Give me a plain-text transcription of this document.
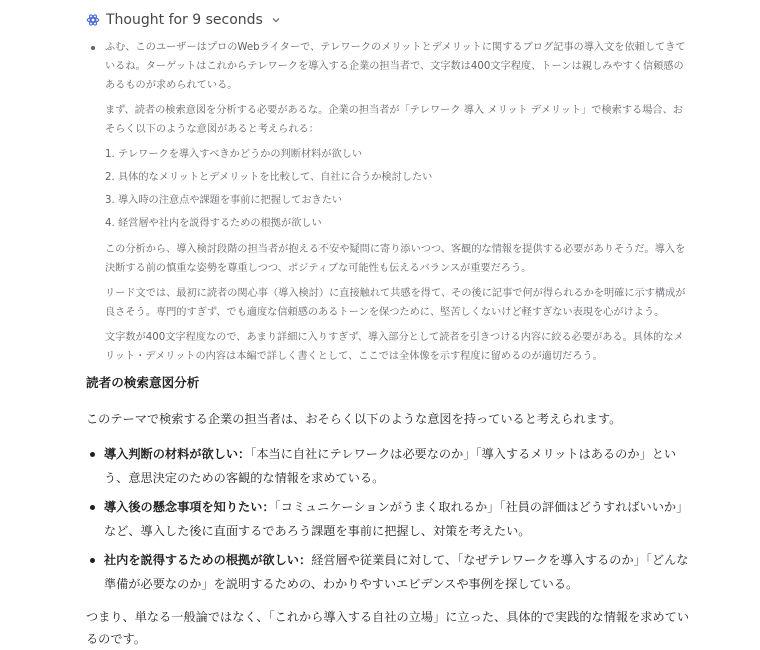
Thought for 9 seconds

ふむ、このユーザーはプロのWebライターで、テレワークのメリットとデメリットに関するブログ記事の導入文を依頼してきているね。ターゲットはこれからテレワークを導入する企業の担当者で、文字数は400文字程度、トーンは親しみやすく信頼感のあるものが求められている。

まず、読者の検索意図を分析する必要があるな。企業の担当者が「テレワーク 導入 メリット デメリット」で検索する場合、おそらく以下のような意図があると考えられる：

1. テレワークを導入すべきかどうかの判断材料が欲しい
2. 具体的なメリットとデメリットを比較して、自社に合うか検討したい
3. 導入時の注意点や課題を事前に把握しておきたい
4. 経営層や社内を説得するための根拠が欲しい

この分析から、導入検討段階の担当者が抱える不安や疑問に寄り添いつつ、客観的な情報を提供する必要がありそうだ。導入を決断する前の慎重な姿勢を尊重しつつ、ポジティブな可能性も伝えるバランスが重要だろう。

リード文では、最初に読者の関心事（導入検討）に直接触れて共感を得て、その後に記事で何が得られるかを明確に示す構成が良さそう。専門的すぎず、でも適度な信頼感のあるトーンを保つために、堅苦しくないけど軽すぎない表現を心がけよう。

文字数が400文字程度なので、あまり詳細に入りすぎず、導入部分として読者を引きつける内容に絞る必要がある。具体的なメリット・デメリットの内容は本編で詳しく書くとして、ここでは全体像を示す程度に留めるのが適切だろう。

読者の検索意図分析

このテーマで検索する企業の担当者は、おそらく以下のような意図を持っていると考えられます。

導入判断の材料が欲しい：「本当に自社にテレワークは必要なのか」「導入するメリットはあるのか」という、意思決定のための客観的な情報を求めている。
導入後の懸念事項を知りたい：「コミュニケーションがうまく取れるか」「社員の評価はどうすればいいか」など、導入した後に直面するであろう課題を事前に把握し、対策を考えたい。
社内を説得するための根拠が欲しい：経営層や従業員に対して、「なぜテレワークを導入するのか」「どんな準備が必要なのか」を説明するための、わかりやすいエビデンスや事例を探している。

つまり、単なる一般論ではなく、「これから導入する自社の立場」に立った、具体的で実践的な情報を求めているのです。
